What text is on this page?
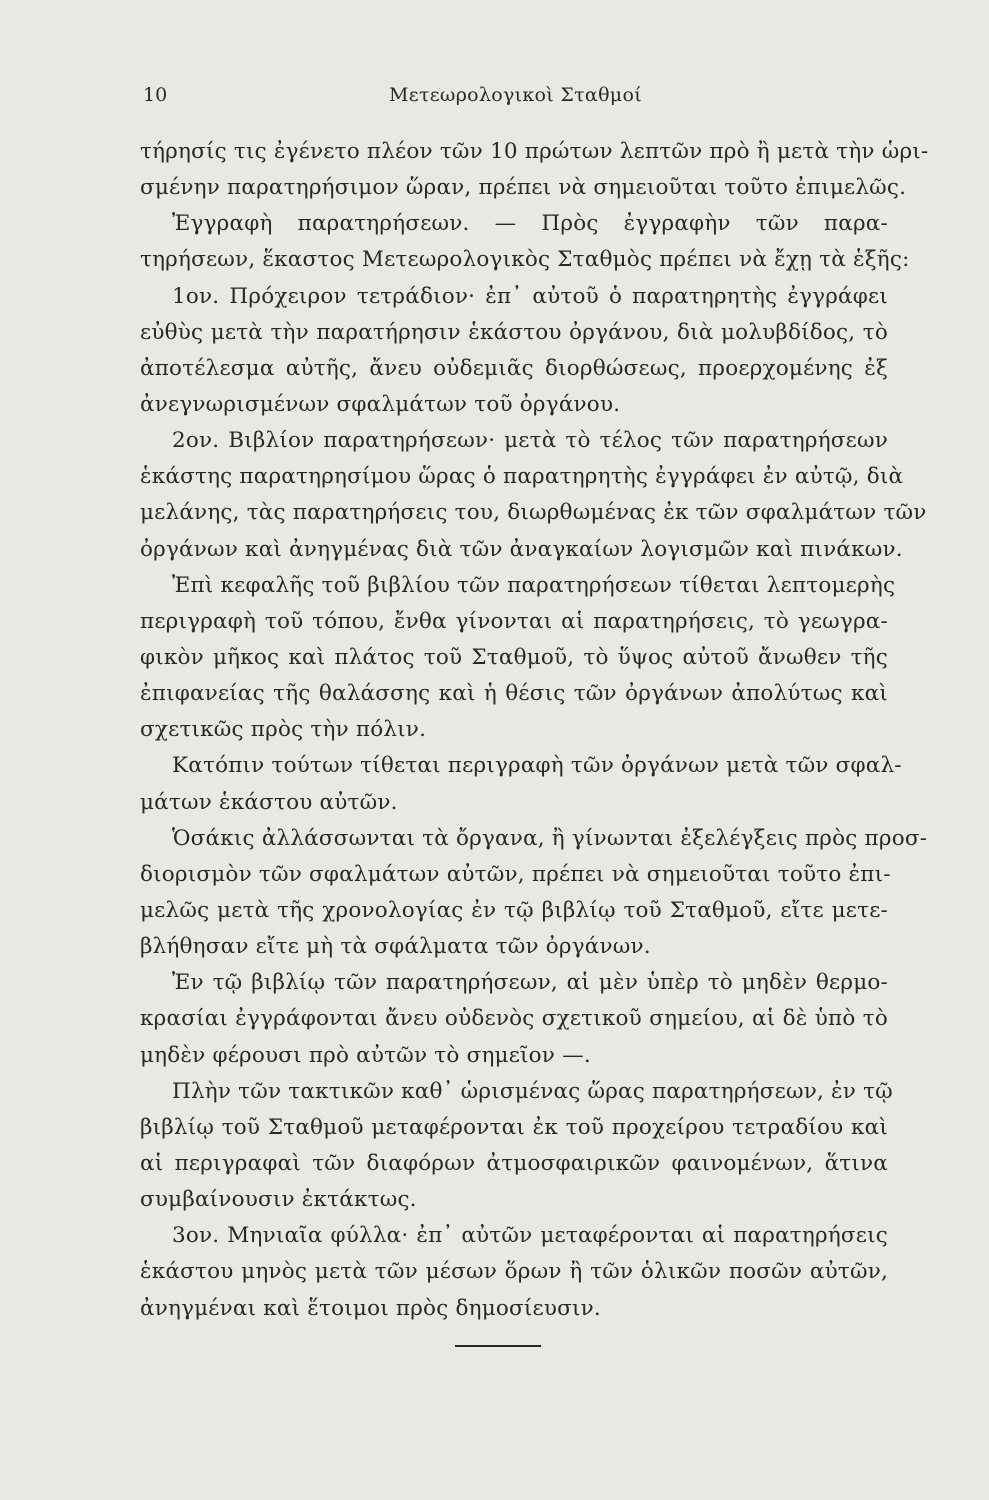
10	Μετεωρολογικοὶ Σταθμοί
τήρησίς τις ἐγένετο πλέον τῶν 10 πρώτων λεπτῶν πρὸ ἢ μετὰ τὴν ὡρι-
σμένην παρατηρήσιμον ὥραν, πρέπει νὰ σημειοῦται τοῦτο ἐπιμελῶς.
Ἐγγραφὴ παρατηρήσεων. — Πρὸς ἐγγραφὴν τῶν παρα-
τηρήσεων, ἕκαστος Μετεωρολογικὸς Σταθμὸς πρέπει νὰ ἔχῃ τὰ ἑξῆς:
1ον. Πρόχειρον τετράδιον· ἐπ᾽ αὐτοῦ ὁ παρατηρητὴς ἐγγράφει
εὐθὺς μετὰ τὴν παρατήρησιν ἑκάστου ὀργάνου, διὰ μολυβδίδος, τὸ
ἀποτέλεσμα αὐτῆς, ἄνευ οὐδεμιᾶς διορθώσεως, προερχομένης ἐξ
ἀνεγνωρισμένων σφαλμάτων τοῦ ὀργάνου.
2ον. Βιβλίον παρατηρήσεων· μετὰ τὸ τέλος τῶν παρατηρήσεων
ἑκάστης παρατηρησίμου ὥρας ὁ παρατηρητὴς ἐγγράφει ἐν αὐτῷ, διὰ
μελάνης, τὰς παρατηρήσεις του, διωρθωμένας ἐκ τῶν σφαλμάτων τῶν
ὀργάνων καὶ ἀνηγμένας διὰ τῶν ἀναγκαίων λογισμῶν καὶ πινάκων.
Ἐπὶ κεφαλῆς τοῦ βιβλίου τῶν παρατηρήσεων τίθεται λεπτομερὴς
περιγραφὴ τοῦ τόπου, ἔνθα γίνονται αἱ παρατηρήσεις, τὸ γεωγρα-
φικὸν μῆκος καὶ πλάτος τοῦ Σταθμοῦ, τὸ ὕψος αὐτοῦ ἄνωθεν τῆς
ἐπιφανείας τῆς θαλάσσης καὶ ἡ θέσις τῶν ὀργάνων ἀπολύτως καὶ
σχετικῶς πρὸς τὴν πόλιν.
Κατόπιν τούτων τίθεται περιγραφὴ τῶν ὀργάνων μετὰ τῶν σφαλ-
μάτων ἑκάστου αὐτῶν.
Ὁσάκις ἀλλάσσωνται τὰ ὄργανα, ἢ γίνωνται ἐξελέγξεις πρὸς προσ-
διορισμὸν τῶν σφαλμάτων αὐτῶν, πρέπει νὰ σημειοῦται τοῦτο ἐπι-
μελῶς μετὰ τῆς χρονολογίας ἐν τῷ βιβλίῳ τοῦ Σταθμοῦ, εἴτε μετε-
βλήθησαν εἴτε μὴ τὰ σφάλματα τῶν ὀργάνων.
Ἐν τῷ βιβλίῳ τῶν παρατηρήσεων, αἱ μὲν ὑπὲρ τὸ μηδὲν θερμο-
κρασίαι ἐγγράφονται ἄνευ οὐδενὸς σχετικοῦ σημείου, αἱ δὲ ὑπὸ τὸ
μηδὲν φέρουσι πρὸ αὐτῶν τὸ σημεῖον —.
Πλὴν τῶν τακτικῶν καθ᾽ ὡρισμένας ὥρας παρατηρήσεων, ἐν τῷ
βιβλίῳ τοῦ Σταθμοῦ μεταφέρονται ἐκ τοῦ προχείρου τετραδίου καὶ
αἱ περιγραφαὶ τῶν διαφόρων ἀτμοσφαιρικῶν φαινομένων, ἅτινα
συμβαίνουσιν ἐκτάκτως.
3ον. Μηνιαῖα φύλλα· ἐπ᾽ αὐτῶν μεταφέρονται αἱ παρατηρήσεις
ἑκάστου μηνὸς μετὰ τῶν μέσων ὅρων ἢ τῶν ὁλικῶν ποσῶν αὐτῶν,
ἀνηγμέναι καὶ ἕτοιμοι πρὸς δημοσίευσιν.
